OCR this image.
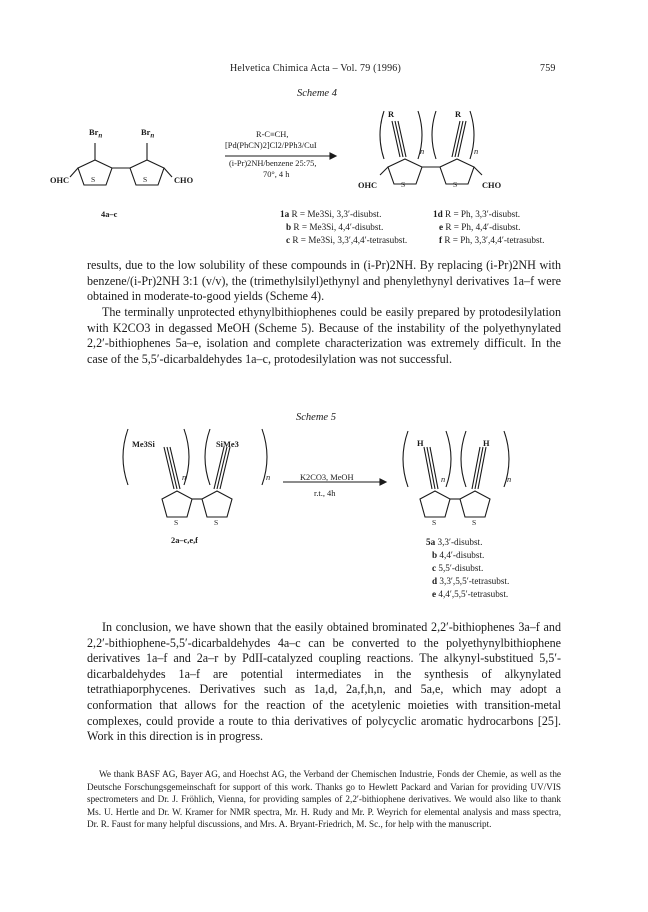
Helvetica Chimica Acta – Vol. 79 (1996)	759
Scheme 4
$Br_n$	$Br_n$
OHC	CHO
S	S
4a–c
R-C≡CH,
[Pd(PhCN)2]Cl2/PPh3/CuI
(i-Pr)2NH/benzene 25:75,
70°, 4 h
R	R
n	n
OHC	CHO
S	S
1a R = Me3Si, 3,3′-disubst.
b R = Me3Si, 4,4′-disubst.
c R = Me3Si, 3,3′,4,4′-tetrasubst.
1d R = Ph, 3,3′-disubst.
e R = Ph, 4,4′-disubst.
f R = Ph, 3,3′,4,4′-tetrasubst.

results, due to the low solubility of these compounds in (i-Pr)2NH. By replacing (i-Pr)2NH with benzene/(i-Pr)2NH 3:1 (v/v), the (trimethylsilyl)ethynyl and phenylethynyl derivatives 1a–f were obtained in moderate-to-good yields (Scheme 4).

The terminally unprotected ethynylbithiophenes could be easily prepared by protodesilylation with K2CO3 in degassed MeOH (Scheme 5). Because of the instability of the polyethynylated 2,2′-bithiophenes 5a–e, isolation and complete characterization was extremely difficult. In the case of the 5,5′-dicarbaldehydes 1a–c, protodesilylation was not successful.

Scheme 5
Me3Si	SiMe3
n	n
S	S
2a–c,e,f
K2CO3, MeOH
r.t., 4h
H	H
n	n
S	S
5a 3,3′-disubst.
b 4,4′-disubst.
c 5,5′-disubst.
d 3,3′,5,5′-tetrasubst.
e 4,4′,5,5′-tetrasubst.

In conclusion, we have shown that the easily obtained brominated 2,2′-bithiophenes 3a–f and 2,2′-bithiophene-5,5′-dicarbaldehydes 4a–c can be converted to the polyethynylbithiophene derivatives 1a–f and 2a–r by PdII-catalyzed coupling reactions. The alkynyl-substitued 5,5′-dicarbaldehydes 1a–f are potential intermediates in the synthesis of alkynylated tetrathiaporphycenes. Derivatives such as 1a,d, 2a,f,h,n, and 5a,e, which may adopt a conformation that allows for the reaction of the acetylenic moieties with transition-metal complexes, could provide a route to thia derivatives of polycyclic aromatic hydrocarbons [25]. Work in this direction is in progress.

We thank BASF AG, Bayer AG, and Hoechst AG, the Verband der Chemischen Industrie, Fonds der Chemie, as well as the Deutsche Forschungsgemeinschaft for support of this work. Thanks go to Hewlett Packard and Varian for providing UV/VIS spectrometers and Dr. J. Fröhlich, Vienna, for providing samples of 2,2′-bithiophene derivatives. We would also like to thank Ms. U. Hertle and Dr. W. Kramer for NMR spectra, Mr. H. Rudy and Mr. P. Weyrich for elemental analysis and mass spectra, Dr. R. Faust for many helpful discussions, and Mrs. A. Bryant-Friedrich, M. Sc., for help with the manuscript.
